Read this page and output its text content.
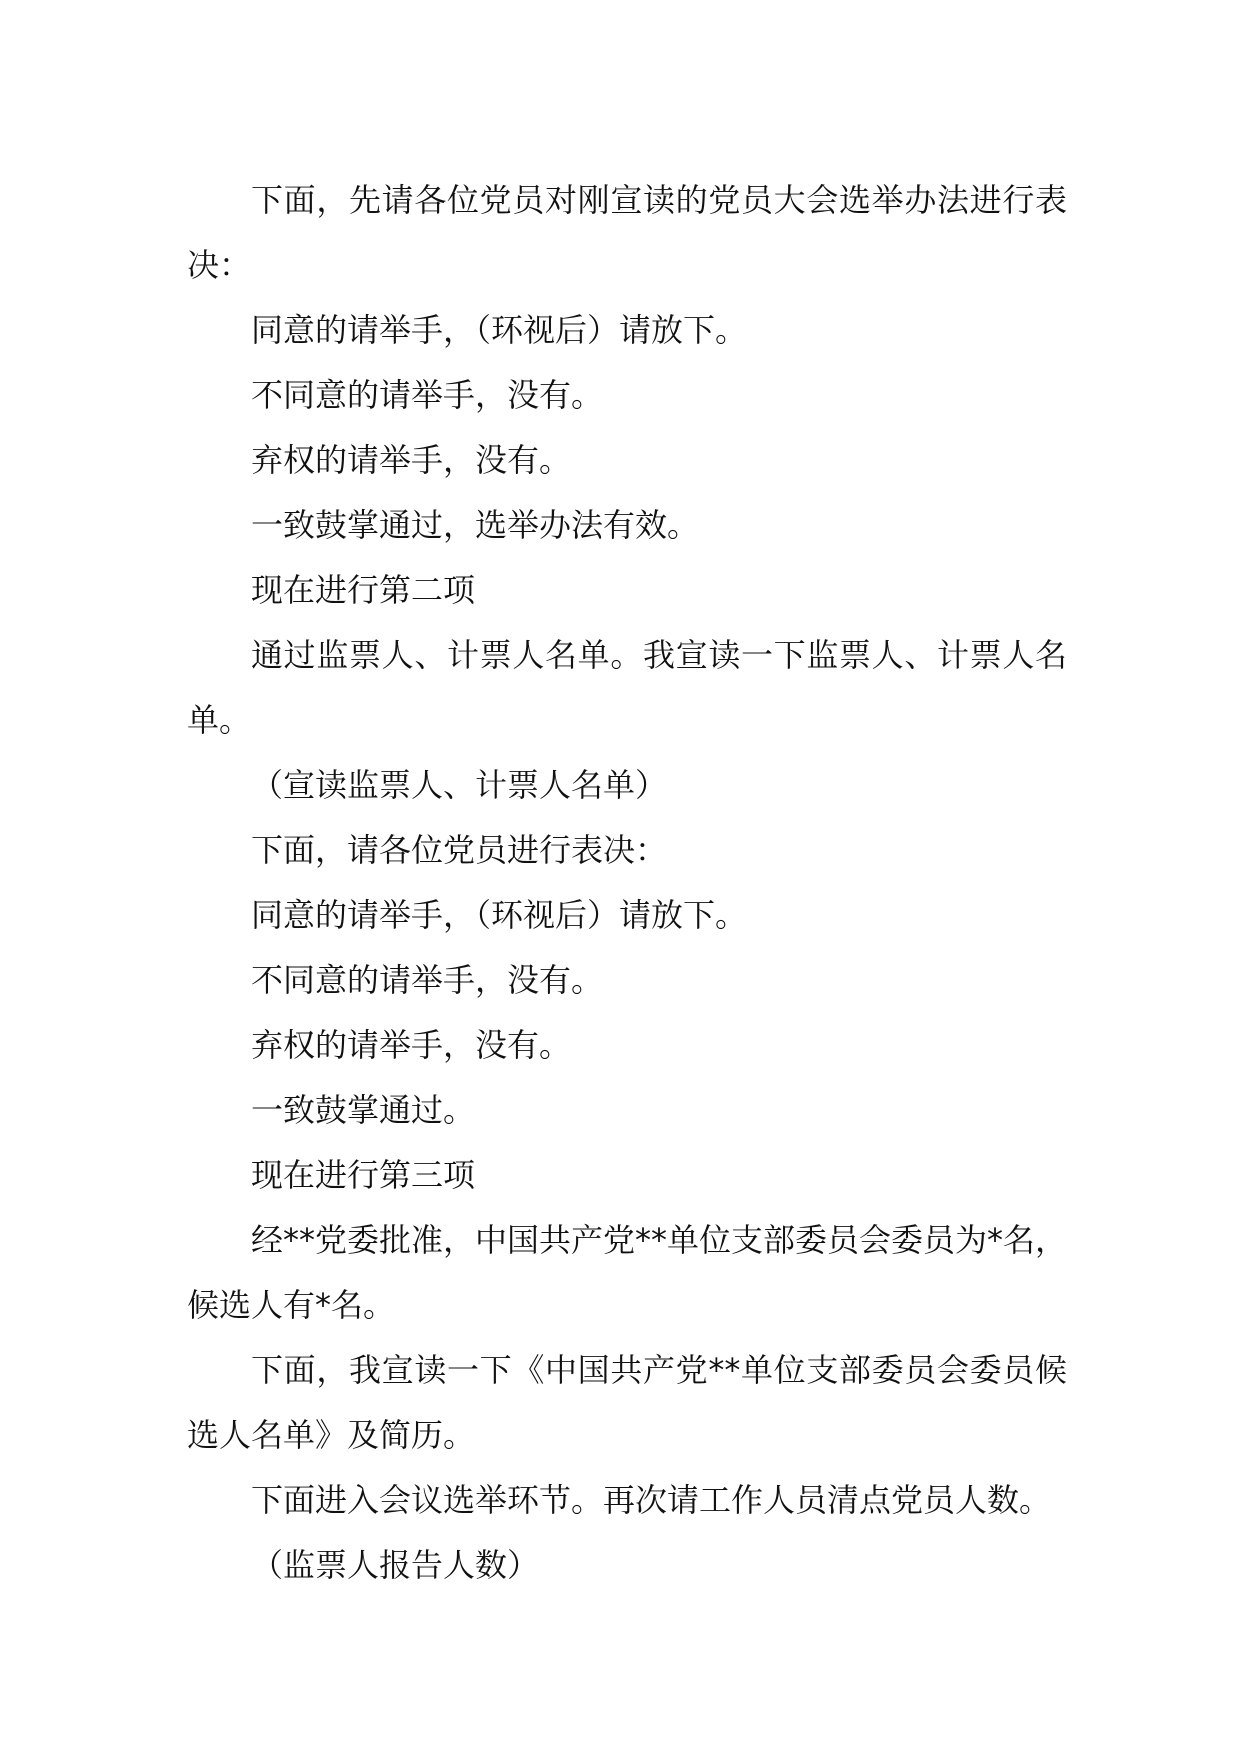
下面，先请各位党员对刚宣读的党员大会选举办法进行表决：

同意的请举手，（环视后）请放下。

不同意的请举手，没有。

弃权的请举手，没有。

一致鼓掌通过，选举办法有效。

现在进行第二项

通过监票人、计票人名单。我宣读一下监票人、计票人名单。

（宣读监票人、计票人名单）

下面，请各位党员进行表决：

同意的请举手，（环视后）请放下。

不同意的请举手，没有。

弃权的请举手，没有。

一致鼓掌通过。

现在进行第三项

经**党委批准，中国共产党**单位支部委员会委员为*名，候选人有*名。

下面，我宣读一下《中国共产党**单位支部委员会委员候选人名单》及简历。

下面进入会议选举环节。再次请工作人员清点党员人数。

（监票人报告人数）
